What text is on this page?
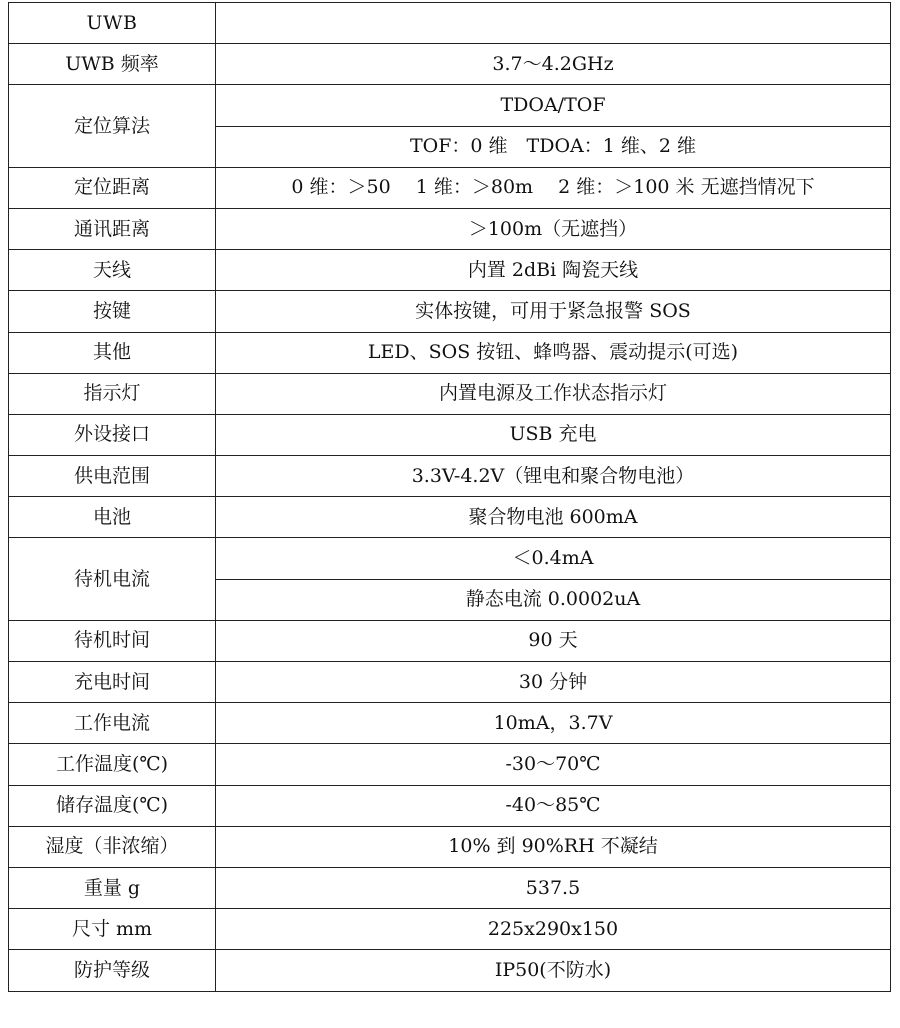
UWB	
UWB 频率	3.7～4.2GHz
定位算法	TDOA/TOF
	TOF：0 维　TDOA：1 维、2 维
定位距离	0 维：＞50　 1 维：＞80m　 2 维：＞100 米 无遮挡情况下
通讯距离	＞100m（无遮挡）
天线	内置 2dBi 陶瓷天线
按键	实体按键，可用于紧急报警 SOS
其他	LED、SOS 按钮、蜂鸣器、震动提示(可选)
指示灯	内置电源及工作状态指示灯
外设接口	USB 充电
供电范围	3.3V-4.2V（锂电和聚合物电池）
电池	聚合物电池 600mA
待机电流	＜0.4mA
	静态电流 0.0002uA
待机时间	90 天
充电时间	30 分钟
工作电流	10mA，3.7V
工作温度(℃)	-30～70℃
储存温度(℃)	-40～85℃
湿度（非浓缩）	10% 到 90%RH 不凝结
重量 g	537.5
尺寸 mm	225x290x150
防护等级	IP50(不防水)
